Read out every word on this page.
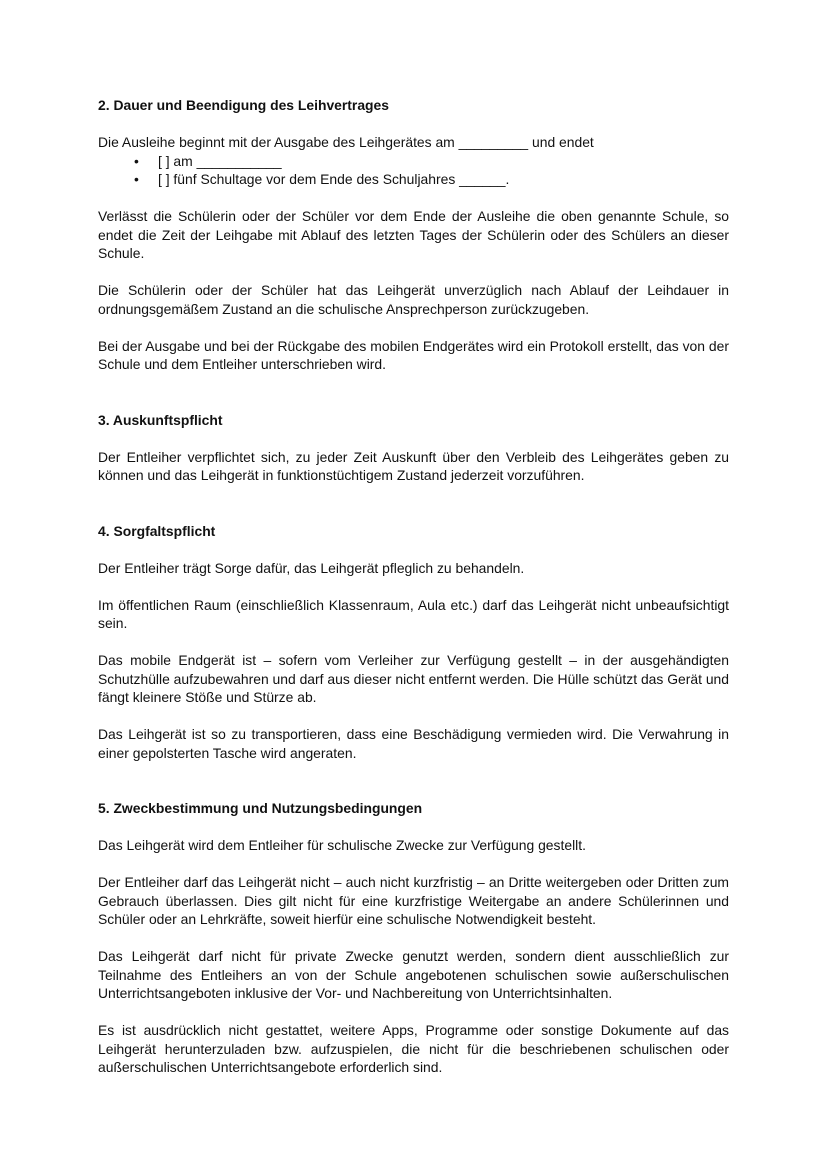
2. Dauer und Beendigung des Leihvertrages

Die Ausleihe beginnt mit der Ausgabe des Leihgerätes am _________ und endet

• [ ] am ___________
• [ ] fünf Schultage vor dem Ende des Schuljahres ______.

Verlässt die Schülerin oder der Schüler vor dem Ende der Ausleihe die oben genannte Schule, so endet die Zeit der Leihgabe mit Ablauf des letzten Tages der Schülerin oder des Schülers an dieser Schule.

Die Schülerin oder der Schüler hat das Leihgerät unverzüglich nach Ablauf der Leihdauer in ordnungsgemäßem Zustand an die schulische Ansprechperson zurückzugeben.

Bei der Ausgabe und bei der Rückgabe des mobilen Endgerätes wird ein Protokoll erstellt, das von der Schule und dem Entleiher unterschrieben wird.

3. Auskunftspflicht

Der Entleiher verpflichtet sich, zu jeder Zeit Auskunft über den Verbleib des Leihgerätes geben zu können und das Leihgerät in funktionstüchtigem Zustand jederzeit vorzuführen.

4. Sorgfaltspflicht

Der Entleiher trägt Sorge dafür, das Leihgerät pfleglich zu behandeln.

Im öffentlichen Raum (einschließlich Klassenraum, Aula etc.) darf das Leihgerät nicht unbeaufsichtigt sein.

Das mobile Endgerät ist – sofern vom Verleiher zur Verfügung gestellt – in der ausgehändigten Schutzhülle aufzubewahren und darf aus dieser nicht entfernt werden. Die Hülle schützt das Gerät und fängt kleinere Stöße und Stürze ab.

Das Leihgerät ist so zu transportieren, dass eine Beschädigung vermieden wird. Die Verwahrung in einer gepolsterten Tasche wird angeraten.

5. Zweckbestimmung und Nutzungsbedingungen

Das Leihgerät wird dem Entleiher für schulische Zwecke zur Verfügung gestellt.

Der Entleiher darf das Leihgerät nicht – auch nicht kurzfristig – an Dritte weitergeben oder Dritten zum Gebrauch überlassen. Dies gilt nicht für eine kurzfristige Weitergabe an andere Schülerinnen und Schüler oder an Lehrkräfte, soweit hierfür eine schulische Notwendigkeit besteht.

Das Leihgerät darf nicht für private Zwecke genutzt werden, sondern dient ausschließlich zur Teilnahme des Entleihers an von der Schule angebotenen schulischen sowie außerschulischen Unterrichtsangeboten inklusive der Vor- und Nachbereitung von Unterrichtsinhalten.

Es ist ausdrücklich nicht gestattet, weitere Apps, Programme oder sonstige Dokumente auf das Leihgerät herunterzuladen bzw. aufzuspielen, die nicht für die beschriebenen schulischen oder außerschulischen Unterrichtsangebote erforderlich sind.
